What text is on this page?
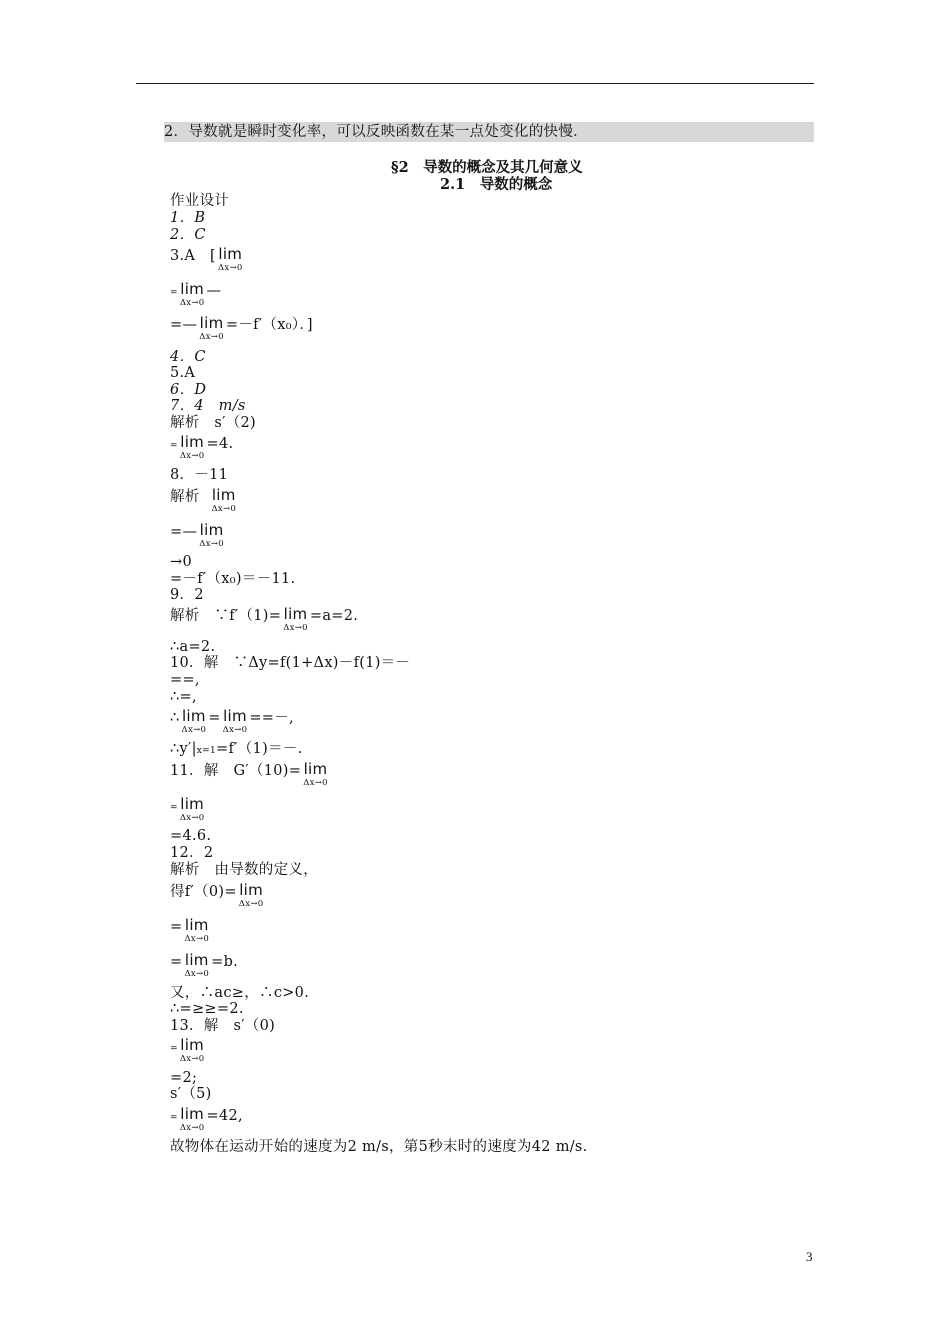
2．导数就是瞬时变化率，可以反映函数在某一点处变化的快慢．
§2　导数的概念及其几何意义
2.1　导数的概念
作业设计
1．B
2．C
3.A　[ lim
Δx→0
= lim
Δx→0
—
=— lim
Δx→0
=－f′（x₀）．]
4．C
5.A
6．D
7．4　m/s
解析　s′（2)
= lim
Δx→0
=4.
8．－11
解析 lim
Δx→0
=— lim
Δx→0
→0
=－f′（x₀)＝－11.
9．2
解析　∵f′（1)= lim
Δx→0
=a=2.
∴a=2.
10．解　∵Δy=f(1+Δx)－f(1)＝－
==,
∴=,
∴ lim
Δx→0
= lim
Δx→0
==－,
∴y′|x=1=f′（1)＝－.
11．解　G′（10)= lim
Δx→0
= lim
Δx→0
=4.6.
12．2
解析　由导数的定义，
得f′（0)= lim
Δx→0
= lim
Δx→0
= lim
Δx→0
=b.
又，∴ac≥，∴c>0.
∴=≥≥=2.
13．解　s′（0)
= lim
Δx→0
=2;
s′（5)
= lim
Δx→0
=42,
故物体在运动开始的速度为2 m/s，第5秒末时的速度为42 m/s.
3
